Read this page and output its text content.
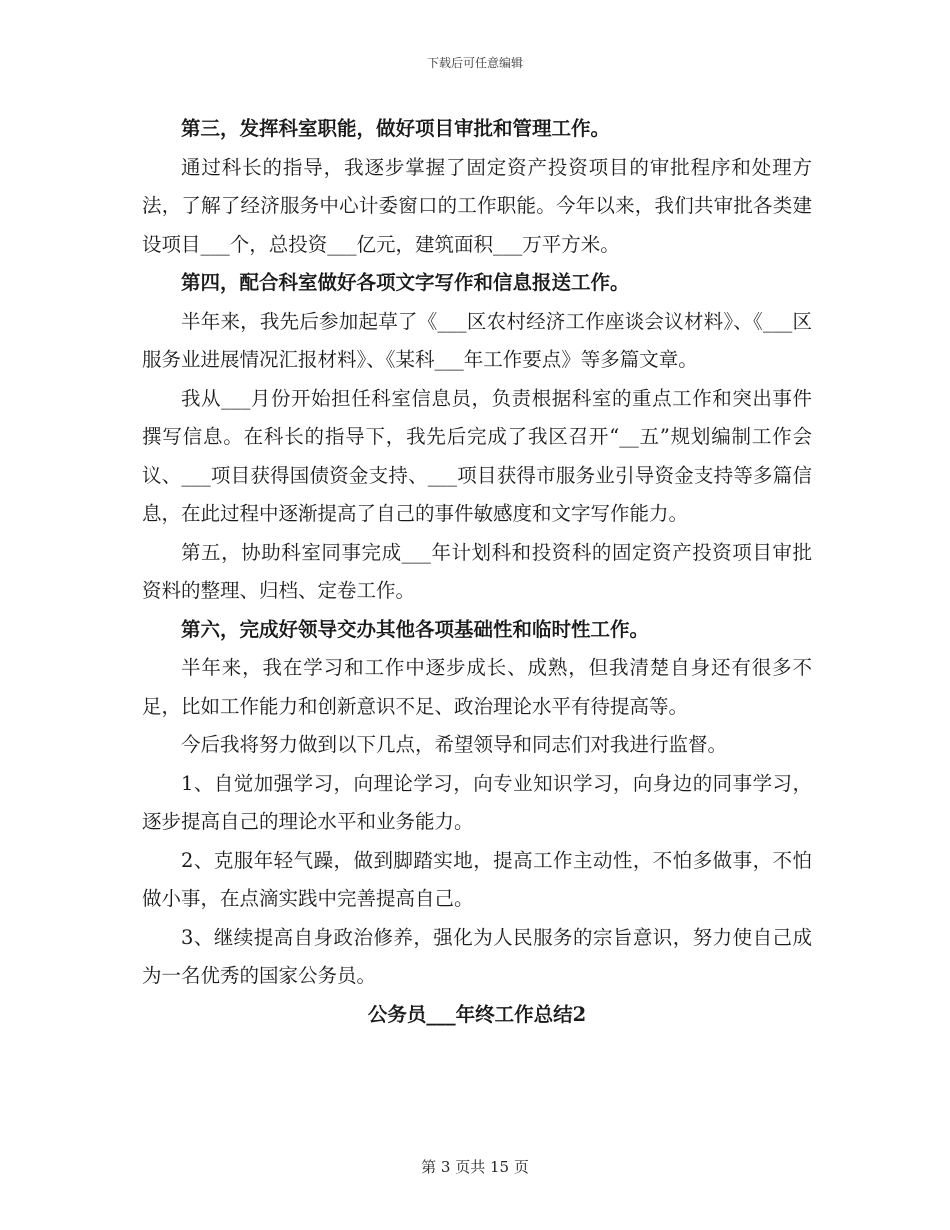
下载后可任意编辑

第三，发挥科室职能，做好项目审批和管理工作。

通过科长的指导，我逐步掌握了固定资产投资项目的审批程序和处理方法，了解了经济服务中心计委窗口的工作职能。今年以来，我们共审批各类建设项目___个，总投资___亿元，建筑面积___万平方米。

第四，配合科室做好各项文字写作和信息报送工作。

半年来，我先后参加起草了《___区农村经济工作座谈会议材料》、《___区服务业进展情况汇报材料》、《某科___年工作要点》等多篇文章。

我从___月份开始担任科室信息员，负责根据科室的重点工作和突出事件撰写信息。在科长的指导下，我先后完成了我区召开“__五”规划编制工作会议、___项目获得国债资金支持、___项目获得市服务业引导资金支持等多篇信息，在此过程中逐渐提高了自己的事件敏感度和文字写作能力。

第五，协助科室同事完成___年计划科和投资科的固定资产投资项目审批资料的整理、归档、定卷工作。

第六，完成好领导交办其他各项基础性和临时性工作。

半年来，我在学习和工作中逐步成长、成熟，但我清楚自身还有很多不足，比如工作能力和创新意识不足、政治理论水平有待提高等。

今后我将努力做到以下几点，希望领导和同志们对我进行监督。

1、自觉加强学习，向理论学习，向专业知识学习，向身边的同事学习，逐步提高自己的理论水平和业务能力。

2、克服年轻气躁，做到脚踏实地，提高工作主动性，不怕多做事，不怕做小事，在点滴实践中完善提高自己。

3、继续提高自身政治修养，强化为人民服务的宗旨意识，努力使自己成为一名优秀的国家公务员。

公务员___年终工作总结2

第 3 页共 15 页
